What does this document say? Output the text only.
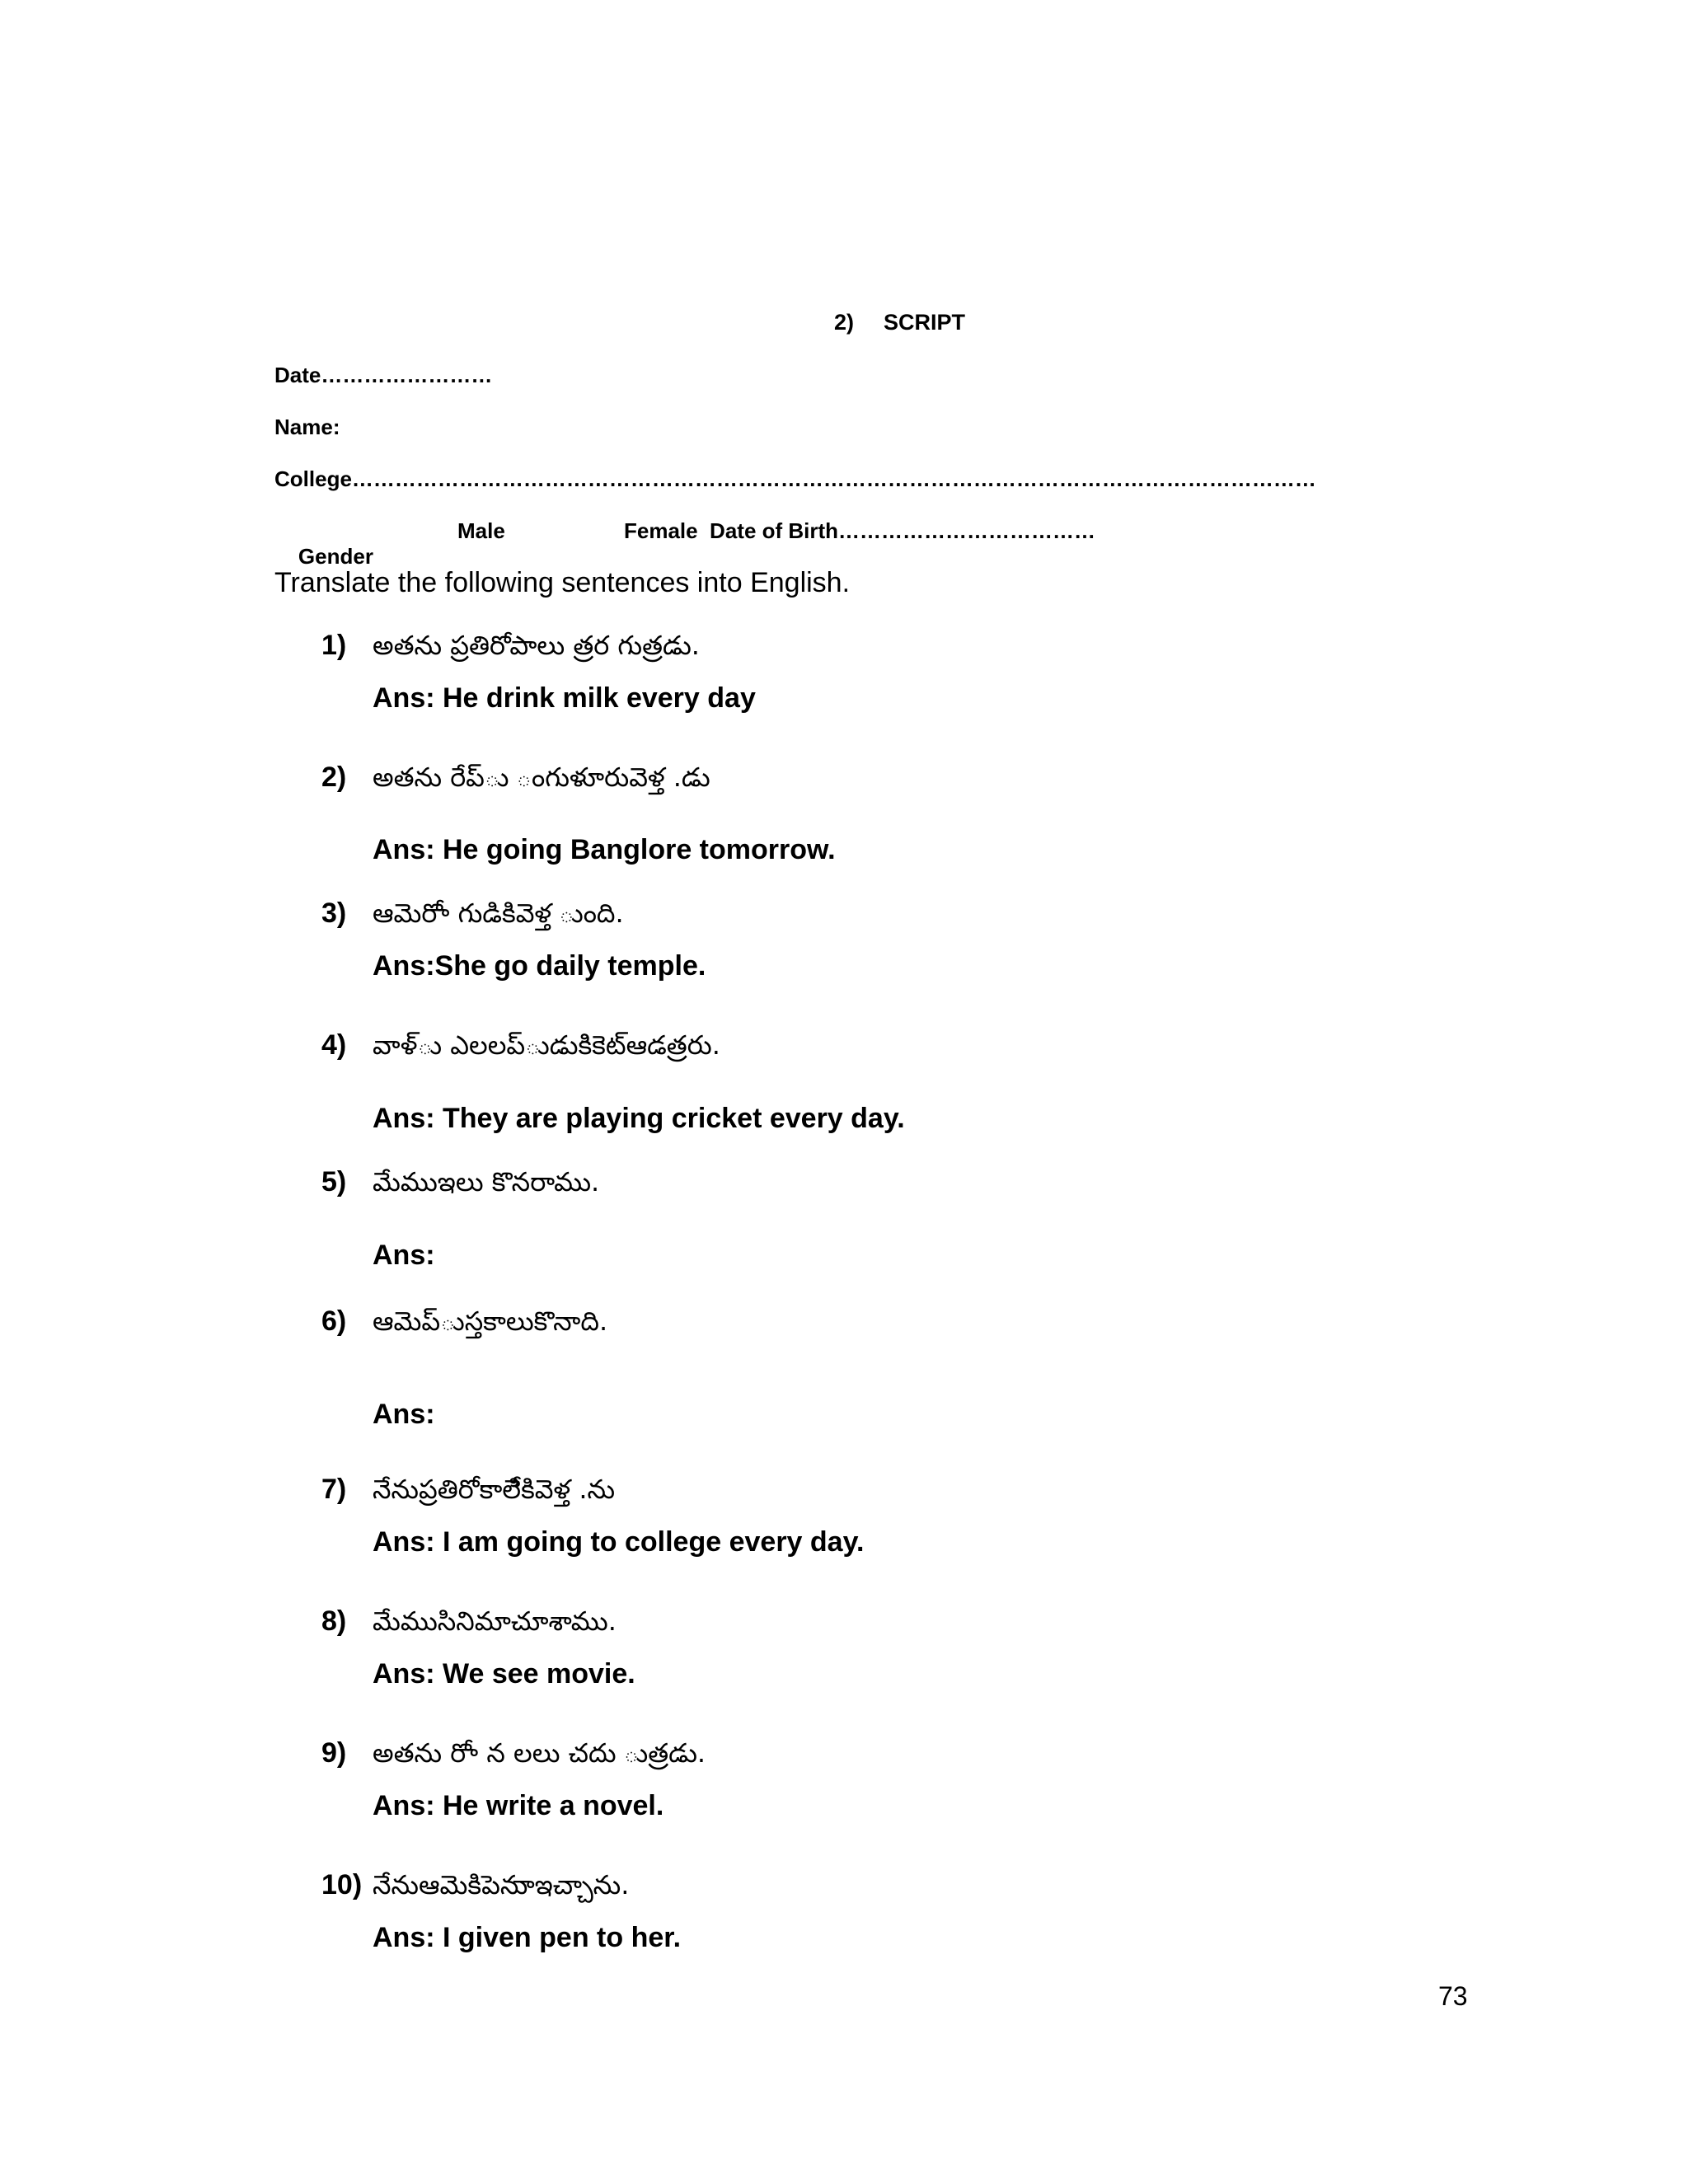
2) SCRIPT
Date……………………
Name:
College………………………………………………………………………………………………………………………

Gender

Male

	Female  Date of Birth………………………………

Translate the following sentences into English.
1) అతను ప్రతిరోపాలు త్రర గుత్రడు.
Ans: He drink milk every day
2) అతను రేప్ు ంగుళూరువెళ్త .డు
Ans: He going Banglore tomorrow.
3) ఆమెరోా గుడికివెళ్త ుంది.
Ans:She go daily temple.
4) వాళ్ు ఎలలప్ుడుకిికెట్ఆడత్రరు.
Ans: They are playing cricket every day.
5) మేముఇలు కొనరాము.
Ans:
6) ఆమెప్ుస్తకాలుకొనాది.
Ans:
7) నేనుప్రతిరోకాలేికివెళ్త .ను
Ans: I am going to college every day.
8) మేముసినిమాచూశాము.
Ans: We see movie.
9) అతను రోా న లలు చదు ుత్రడు.
Ans: He write a novel.
10) నేనుఆమెకిపెనుాఇచ్చాను.
Ans: I given pen to her.
73
